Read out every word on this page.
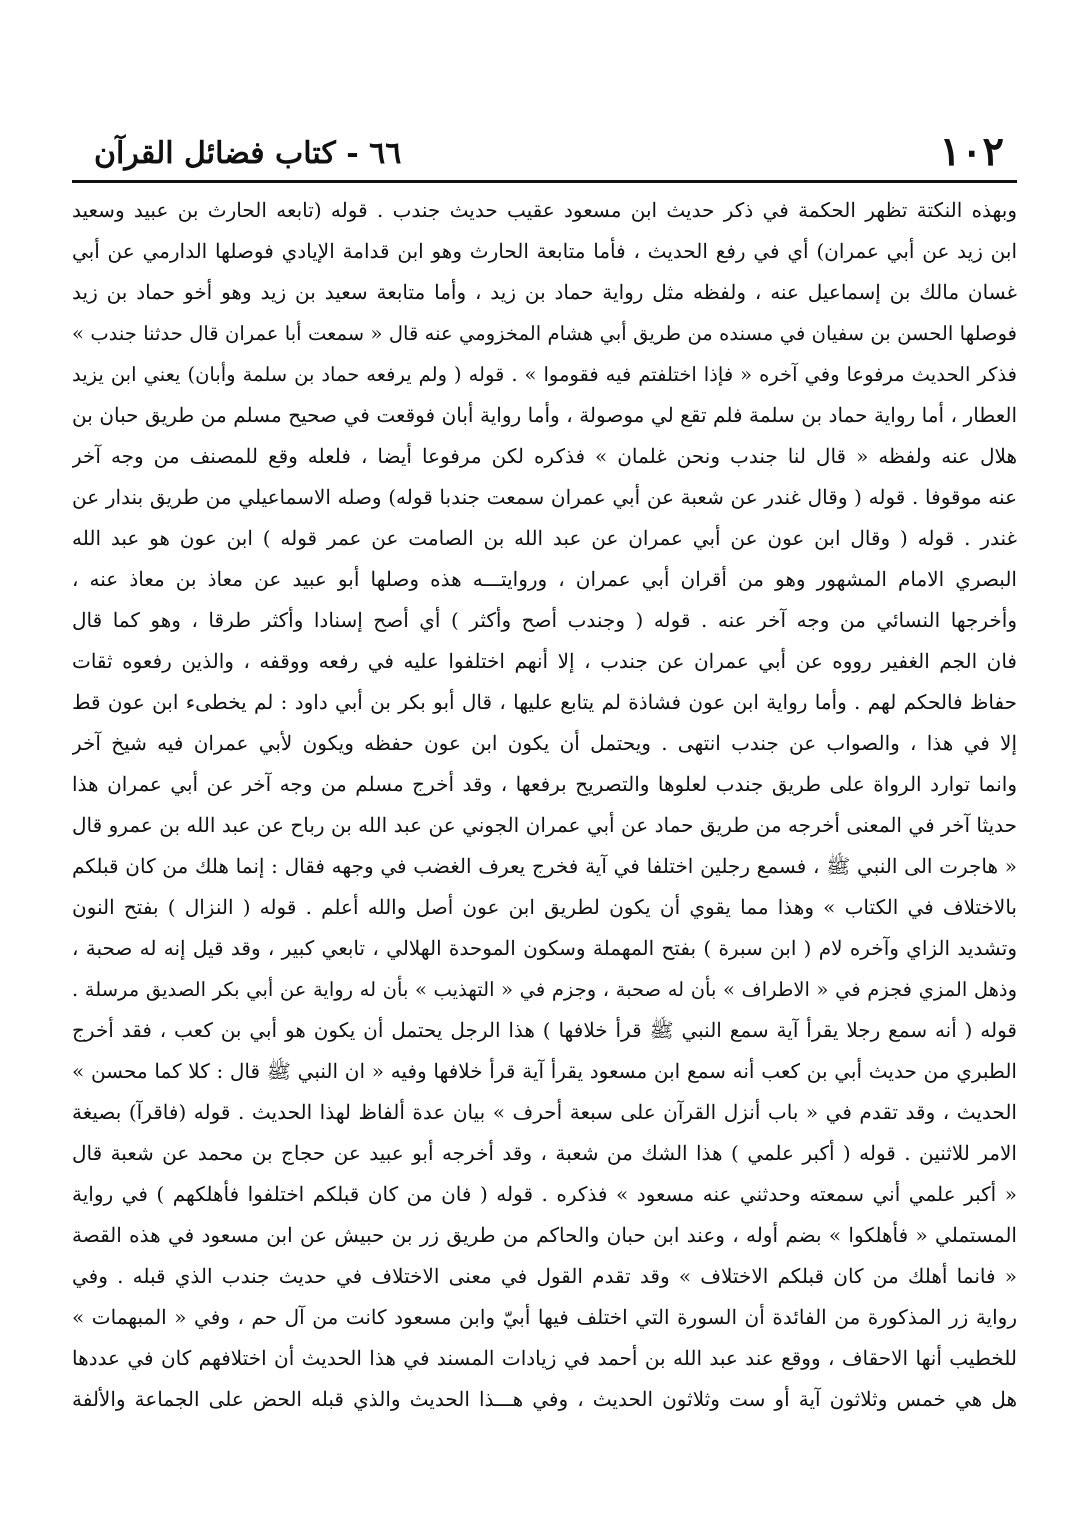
١٠٢
٦٦ - كتاب فضائل القرآن
وبهذه النكتة تظهر الحكمة في ذكر حديث ابن مسعود عقيب حديث جندب . قوله (تابعه الحارث بن عبيد وسعيد
ابن زيد عن أبي عمران) أي في رفع الحديث ، فأما متابعة الحارث وهو ابن قدامة الإيادي فوصلها الدارمي عن أبي
غسان مالك بن إسماعيل عنه ، ولفظه مثل رواية حماد بن زيد ، وأما متابعة سعيد بن زيد وهو أخو حماد بن زيد
فوصلها الحسن بن سفيان في مسنده من طريق أبي هشام المخزومي عنه قال « سمعت أبا عمران قال حدثنا جندب »
فذكر الحديث مرفوعا وفي آخره « فإذا اختلفتم فيه فقوموا » . قوله ( ولم يرفعه حماد بن سلمة وأبان) يعني ابن يزيد
العطار ، أما رواية حماد بن سلمة فلم تقع لي موصولة ، وأما رواية أبان فوقعت في صحيح مسلم من طريق حبان بن
هلال عنه ولفظه « قال لنا جندب ونحن غلمان » فذكره لكن مرفوعا أيضا ، فلعله وقع للمصنف من وجه آخر
عنه موقوفا . قوله ( وقال غندر عن شعبة عن أبي عمران سمعت جندبا قوله) وصله الاسماعيلي من طريق بندار عن
غندر . قوله ( وقال ابن عون عن أبي عمران عن عبد الله بن الصامت عن عمر قوله ) ابن عون هو عبد الله
البصري الامام المشهور وهو من أقران أبي عمران ، وروايتـــه هذه وصلها أبو عبيد عن معاذ بن معاذ عنه ،
وأخرجها النسائي من وجه آخر عنه . قوله ( وجندب أصح وأكثر ) أي أصح إسنادا وأكثر طرقا ، وهو كما قال
فان الجم الغفير رووه عن أبي عمران عن جندب ، إلا أنهم اختلفوا عليه في رفعه ووقفه ، والذين رفعوه ثقات
حفاظ فالحكم لهم . وأما رواية ابن عون فشاذة لم يتابع عليها ، قال أبو بكر بن أبي داود : لم يخطىء ابن عون قط
إلا في هذا ، والصواب عن جندب انتهى . ويحتمل أن يكون ابن عون حفظه ويكون لأبي عمران فيه شيخ آخر
وانما توارد الرواة على طريق جندب لعلوها والتصريح برفعها ، وقد أخرج مسلم من وجه آخر عن أبي عمران هذا
حديثا آخر في المعنى أخرجه من طريق حماد عن أبي عمران الجوني عن عبد الله بن رباح عن عبد الله بن عمرو قال
« هاجرت الى النبي ﷺ ، فسمع رجلين اختلفا في آية فخرج يعرف الغضب في وجهه فقال : إنما هلك من كان قبلكم
بالاختلاف في الكتاب » وهذا مما يقوي أن يكون لطريق ابن عون أصل والله أعلم . قوله ( النزال ) بفتح النون
وتشديد الزاي وآخره لام ( ابن سبرة ) بفتح المهملة وسكون الموحدة الهلالي ، تابعي كبير ، وقد قيل إنه له صحبة ،
وذهل المزي فجزم في « الاطراف » بأن له صحبة ، وجزم في « التهذيب » بأن له رواية عن أبي بكر الصديق مرسلة .
قوله ( أنه سمع رجلا يقرأ آية سمع النبي ﷺ قرأ خلافها ) هذا الرجل يحتمل أن يكون هو أبي بن كعب ، فقد أخرج
الطبري من حديث أبي بن كعب أنه سمع ابن مسعود يقرأ آية قرأ خلافها وفيه « ان النبي ﷺ قال : كلا كما محسن »
الحديث ، وقد تقدم في « باب أنزل القرآن على سبعة أحرف » بيان عدة ألفاظ لهذا الحديث . قوله (فاقرآ) بصيغة
الامر للاثنين . قوله ( أكبر علمي ) هذا الشك من شعبة ، وقد أخرجه أبو عبيد عن حجاج بن محمد عن شعبة قال
« أكبر علمي أني سمعته وحدثني عنه مسعود » فذكره . قوله ( فان من كان قبلكم اختلفوا فأهلكهم ) في رواية
المستملي « فأهلكوا » بضم أوله ، وعند ابن حبان والحاكم من طريق زر بن حبيش عن ابن مسعود في هذه القصة
« فانما أهلك من كان قبلكم الاختلاف » وقد تقدم القول في معنى الاختلاف في حديث جندب الذي قبله . وفي
رواية زر المذكورة من الفائدة أن السورة التي اختلف فيها أبيّ وابن مسعود كانت من آل حم ، وفي « المبهمات »
للخطيب أنها الاحقاف ، ووقع عند عبد الله بن أحمد في زيادات المسند في هذا الحديث أن اختلافهم كان في عددها
هل هي خمس وثلاثون آية أو ست وثلاثون الحديث ، وفي هـــذا الحديث والذي قبله الحض على الجماعة والألفة
